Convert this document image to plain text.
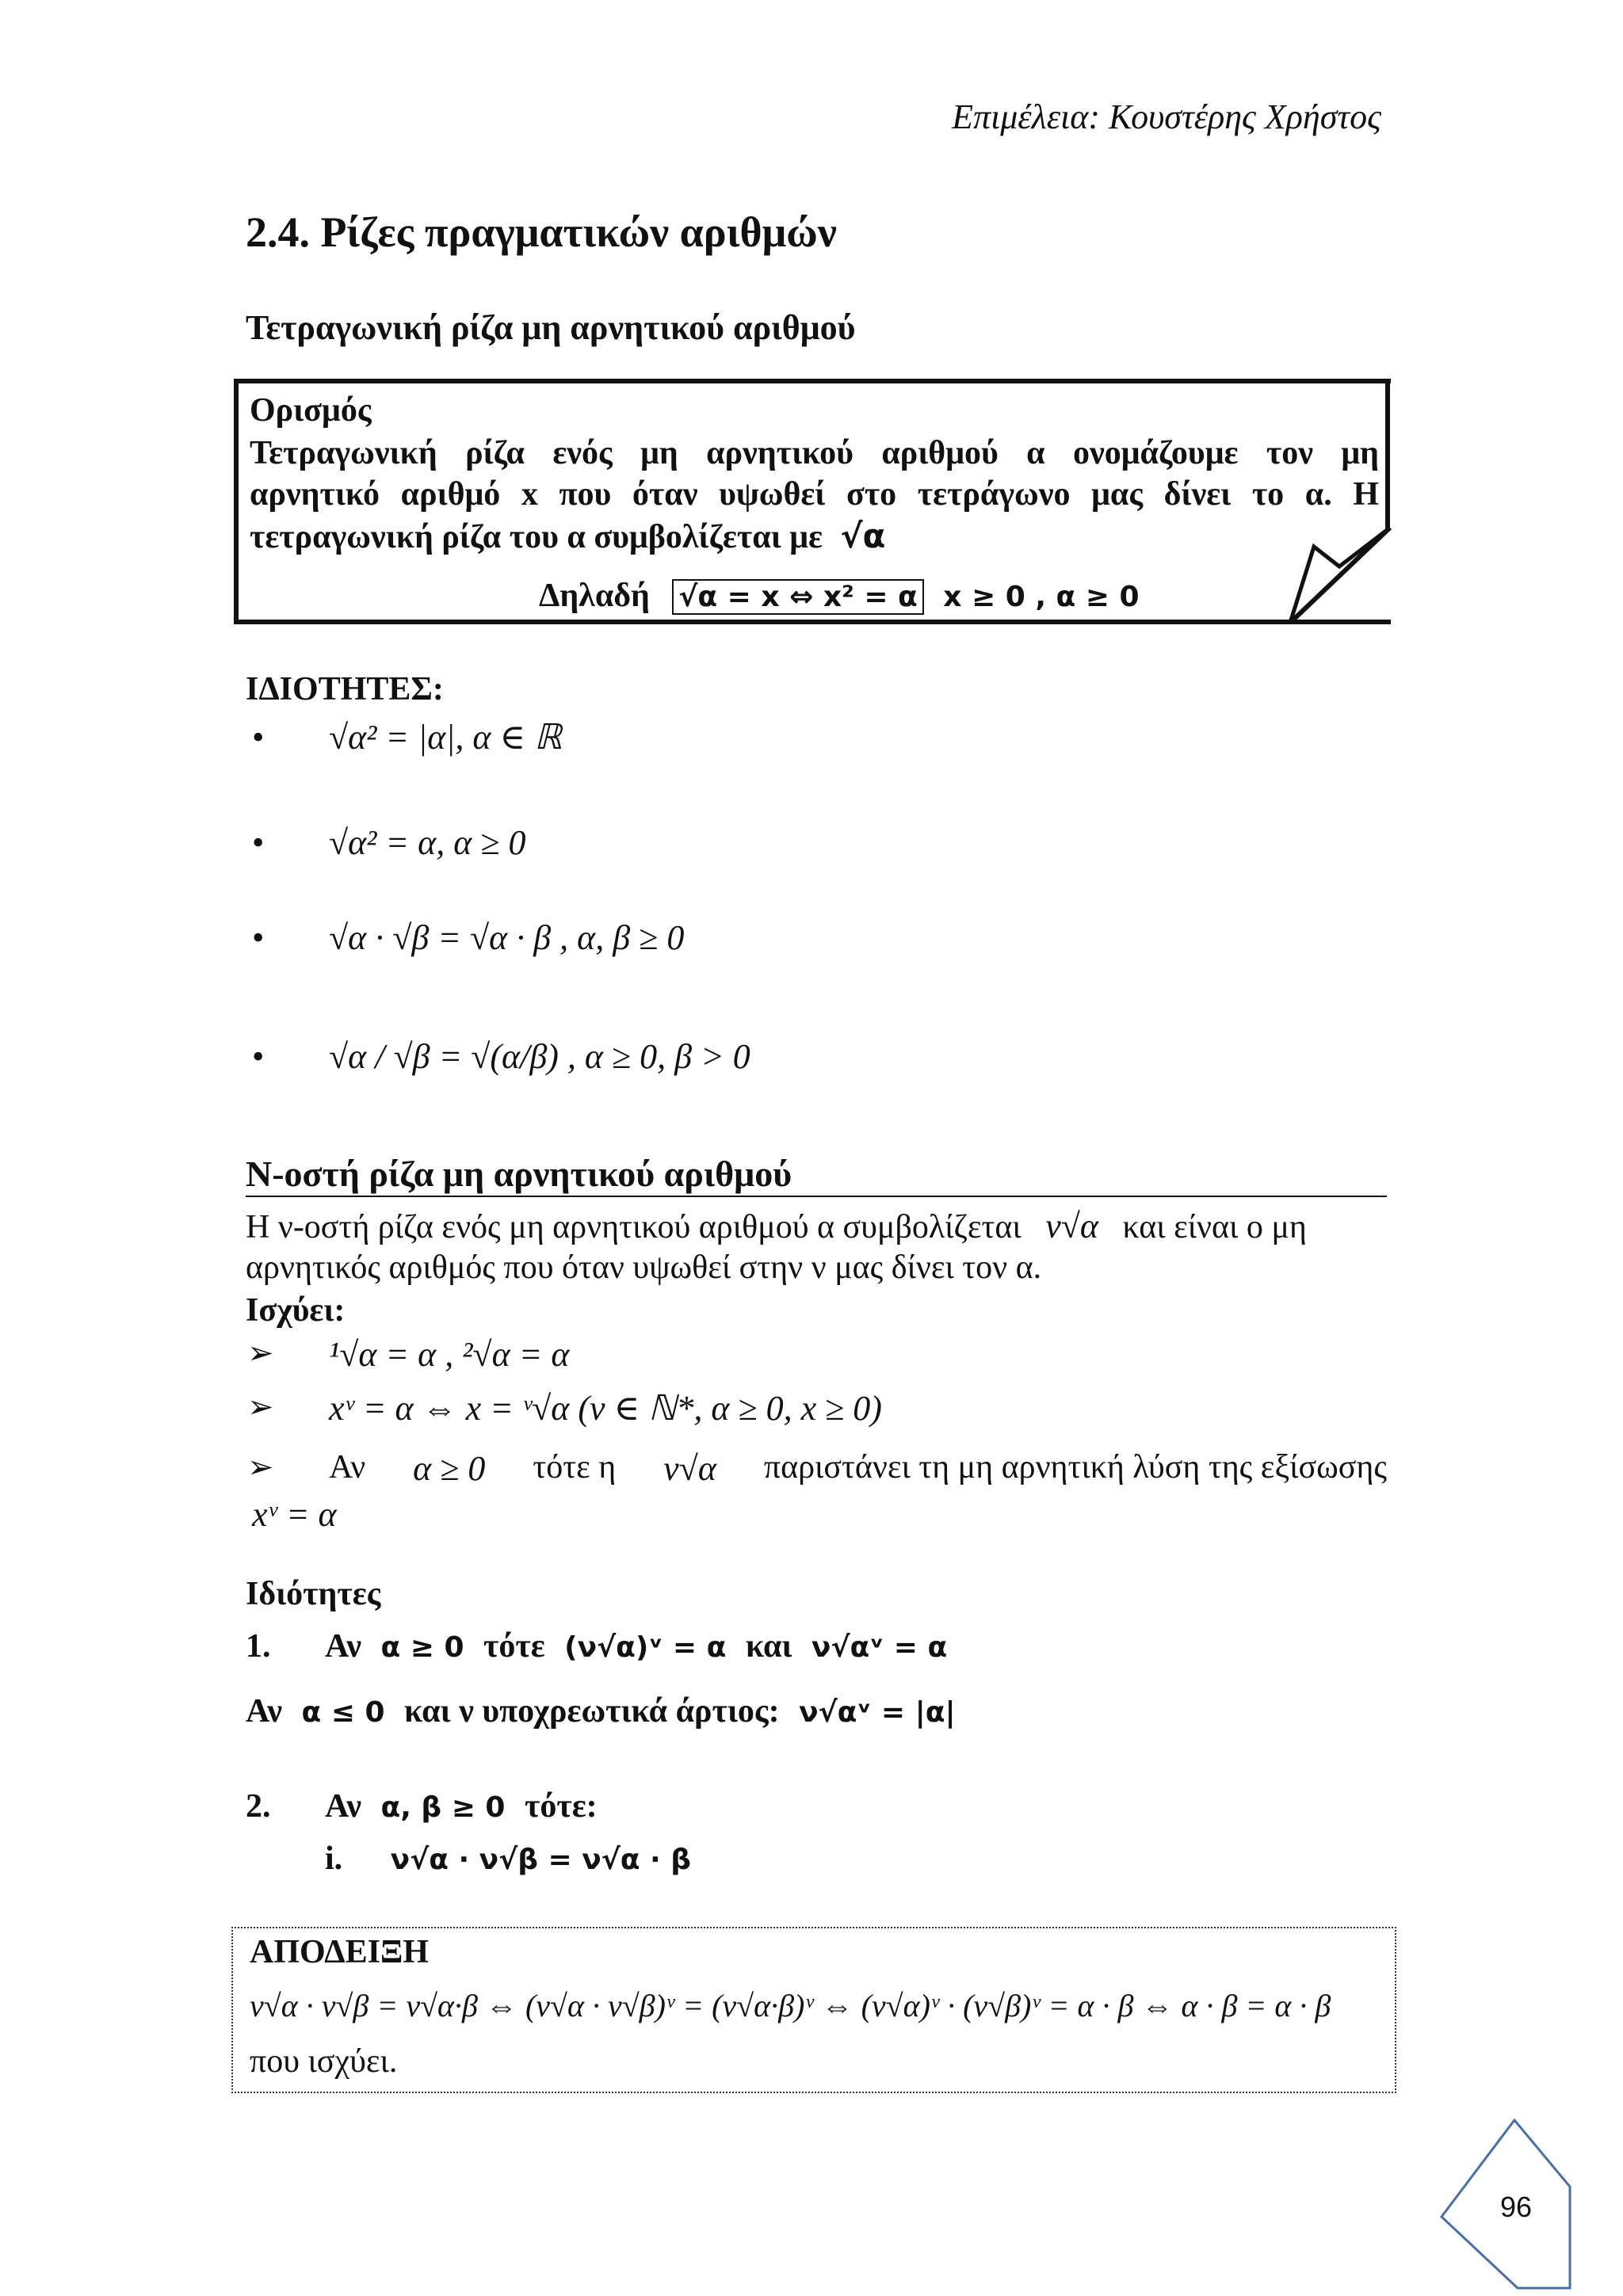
Επιμέλεια: Κουστέρης Χρήστος
2.4. Ρίζες πραγματικών αριθμών
Τετραγωνική ρίζα μη αρνητικού αριθμού
Ορισμός
Τετραγωνική ρίζα ενός μη αρνητικού αριθμού α ονομάζουμε τον μη
αρνητικό αριθμό x που όταν υψωθεί στο τετράγωνο μας δίνει το α. Η
τετραγωνική ρίζα του α συμβολίζεται με √α
Δηλαδή √α = x ⇔ x² = α x ≥ 0 , α ≥ 0
ΙΔΙΟΤΗΤΕΣ:
• √α² = |α|, α ∈ ℝ
• √α² = α, α ≥ 0
• √α · √β = √α · β , α, β ≥ 0
• √α / √β = √(α/β) , α ≥ 0, β > 0
Ν-οστή ρίζα μη αρνητικού αριθμού
Η ν-οστή ρίζα ενός μη αρνητικού αριθμού α συμβολίζεται ν√α και είναι ο μη
αρνητικός αριθμός που όταν υψωθεί στην ν μας δίνει τον α.
Ισχύει:
➢ ¹√α = α , ²√α = α
➢ xᵛ = α ⇔ x = ᵛ√α (ν ∈ ℕ*, α ≥ 0, x ≥ 0)
➢ Αν α ≥ 0 τότε η ν√α παριστάνει τη μη αρνητική λύση της εξίσωσης
xᵛ = α
Ιδιότητες
1. Αν α ≥ 0 τότε (ν√α)ᵛ = α και ν√αᵛ = α
Αν α ≤ 0 και ν υποχρεωτικά άρτιος: ν√αᵛ = |α|
2. Αν α, β ≥ 0 τότε:
i. ν√α · ν√β = ν√α · β
ΑΠΟΔΕΙΞΗ
ν√α · ν√β = ν√α·β ⇔ (ν√α · ν√β)ᵛ = (ν√α·β)ᵛ ⇔ (ν√α)ᵛ · (ν√β)ᵛ = α · β ⇔ α · β = α · β
που ισχύει.
96
